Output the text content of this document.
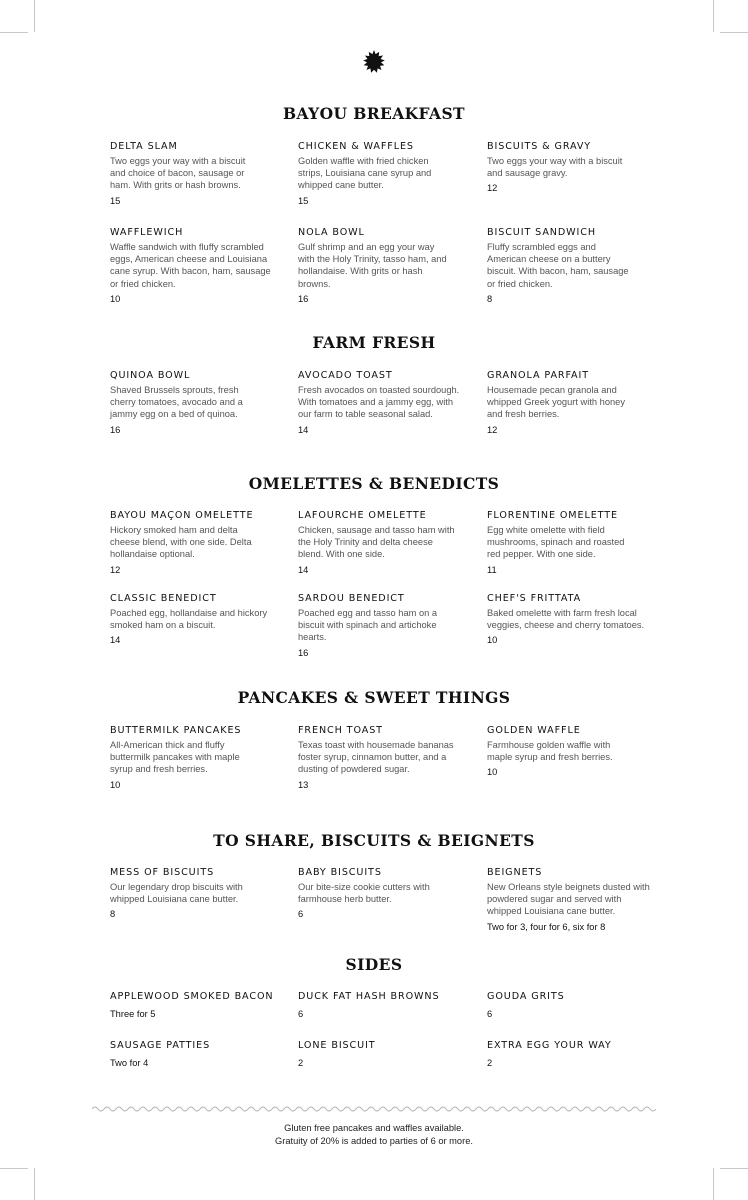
BAYOU BREAKFAST
DELTA SLAM
Two eggs your way with a biscuit and choice of bacon, sausage or ham. With grits or hash browns.
15
CHICKEN & WAFFLES
Golden waffle with fried chicken strips, Louisiana cane syrup and whipped cane butter.
15
BISCUITS & GRAVY
Two eggs your way with a biscuit and sausage gravy.
12
WAFFLEWICH
Waffle sandwich with fluffy scrambled eggs, American cheese and Louisiana cane syrup. With bacon, ham, sausage or fried chicken.
10
NOLA BOWL
Gulf shrimp and an egg your way with the Holy Trinity, tasso ham, and hollandaise. With grits or hash browns.
16
BISCUIT SANDWICH
Fluffy scrambled eggs and American cheese on a buttery biscuit. With bacon, ham, sausage or fried chicken.
8
FARM FRESH
QUINOA BOWL
Shaved Brussels sprouts, fresh cherry tomatoes, avocado and a jammy egg on a bed of quinoa.
16
AVOCADO TOAST
Fresh avocados on toasted sourdough. With tomatoes and a jammy egg, with our farm to table seasonal salad.
14
GRANOLA PARFAIT
Housemade pecan granola and whipped Greek yogurt with honey and fresh berries.
12
OMELETTES & BENEDICTS
BAYOU MAÇON OMELETTE
Hickory smoked ham and delta cheese blend, with one side. Delta hollandaise optional.
12
LAFOURCHE OMELETTE
Chicken, sausage and tasso ham with the Holy Trinity and delta cheese blend. With one side.
14
FLORENTINE OMELETTE
Egg white omelette with field mushrooms, spinach and roasted red pepper. With one side.
11
CLASSIC BENEDICT
Poached egg, hollandaise and hickory smoked ham on a biscuit.
14
SARDOU BENEDICT
Poached egg and tasso ham on a biscuit with spinach and artichoke hearts.
16
CHEF'S FRITTATA
Baked omelette with farm fresh local veggies, cheese and cherry tomatoes.
10
PANCAKES & SWEET THINGS
BUTTERMILK PANCAKES
All-American thick and fluffy buttermilk pancakes with maple syrup and fresh berries.
10
FRENCH TOAST
Texas toast with housemade bananas foster syrup, cinnamon butter, and a dusting of powdered sugar.
13
GOLDEN WAFFLE
Farmhouse golden waffle with maple syrup and fresh berries.
10
TO SHARE, BISCUITS & BEIGNETS
MESS OF BISCUITS
Our legendary drop biscuits with whipped Louisiana cane butter.
8
BABY BISCUITS
Our bite-size cookie cutters with farmhouse herb butter.
6
BEIGNETS
New Orleans style beignets dusted with powdered sugar and served with whipped Louisiana cane butter.
Two for 3, four for 6, six for 8
SIDES
APPLEWOOD SMOKED BACON
Three for 5
DUCK FAT HASH BROWNS
6
GOUDA GRITS
6
SAUSAGE PATTIES
Two for 4
LONE BISCUIT
2
EXTRA EGG YOUR WAY
2
Gluten free pancakes and waffles available.
Gratuity of 20% is added to parties of 6 or more.
